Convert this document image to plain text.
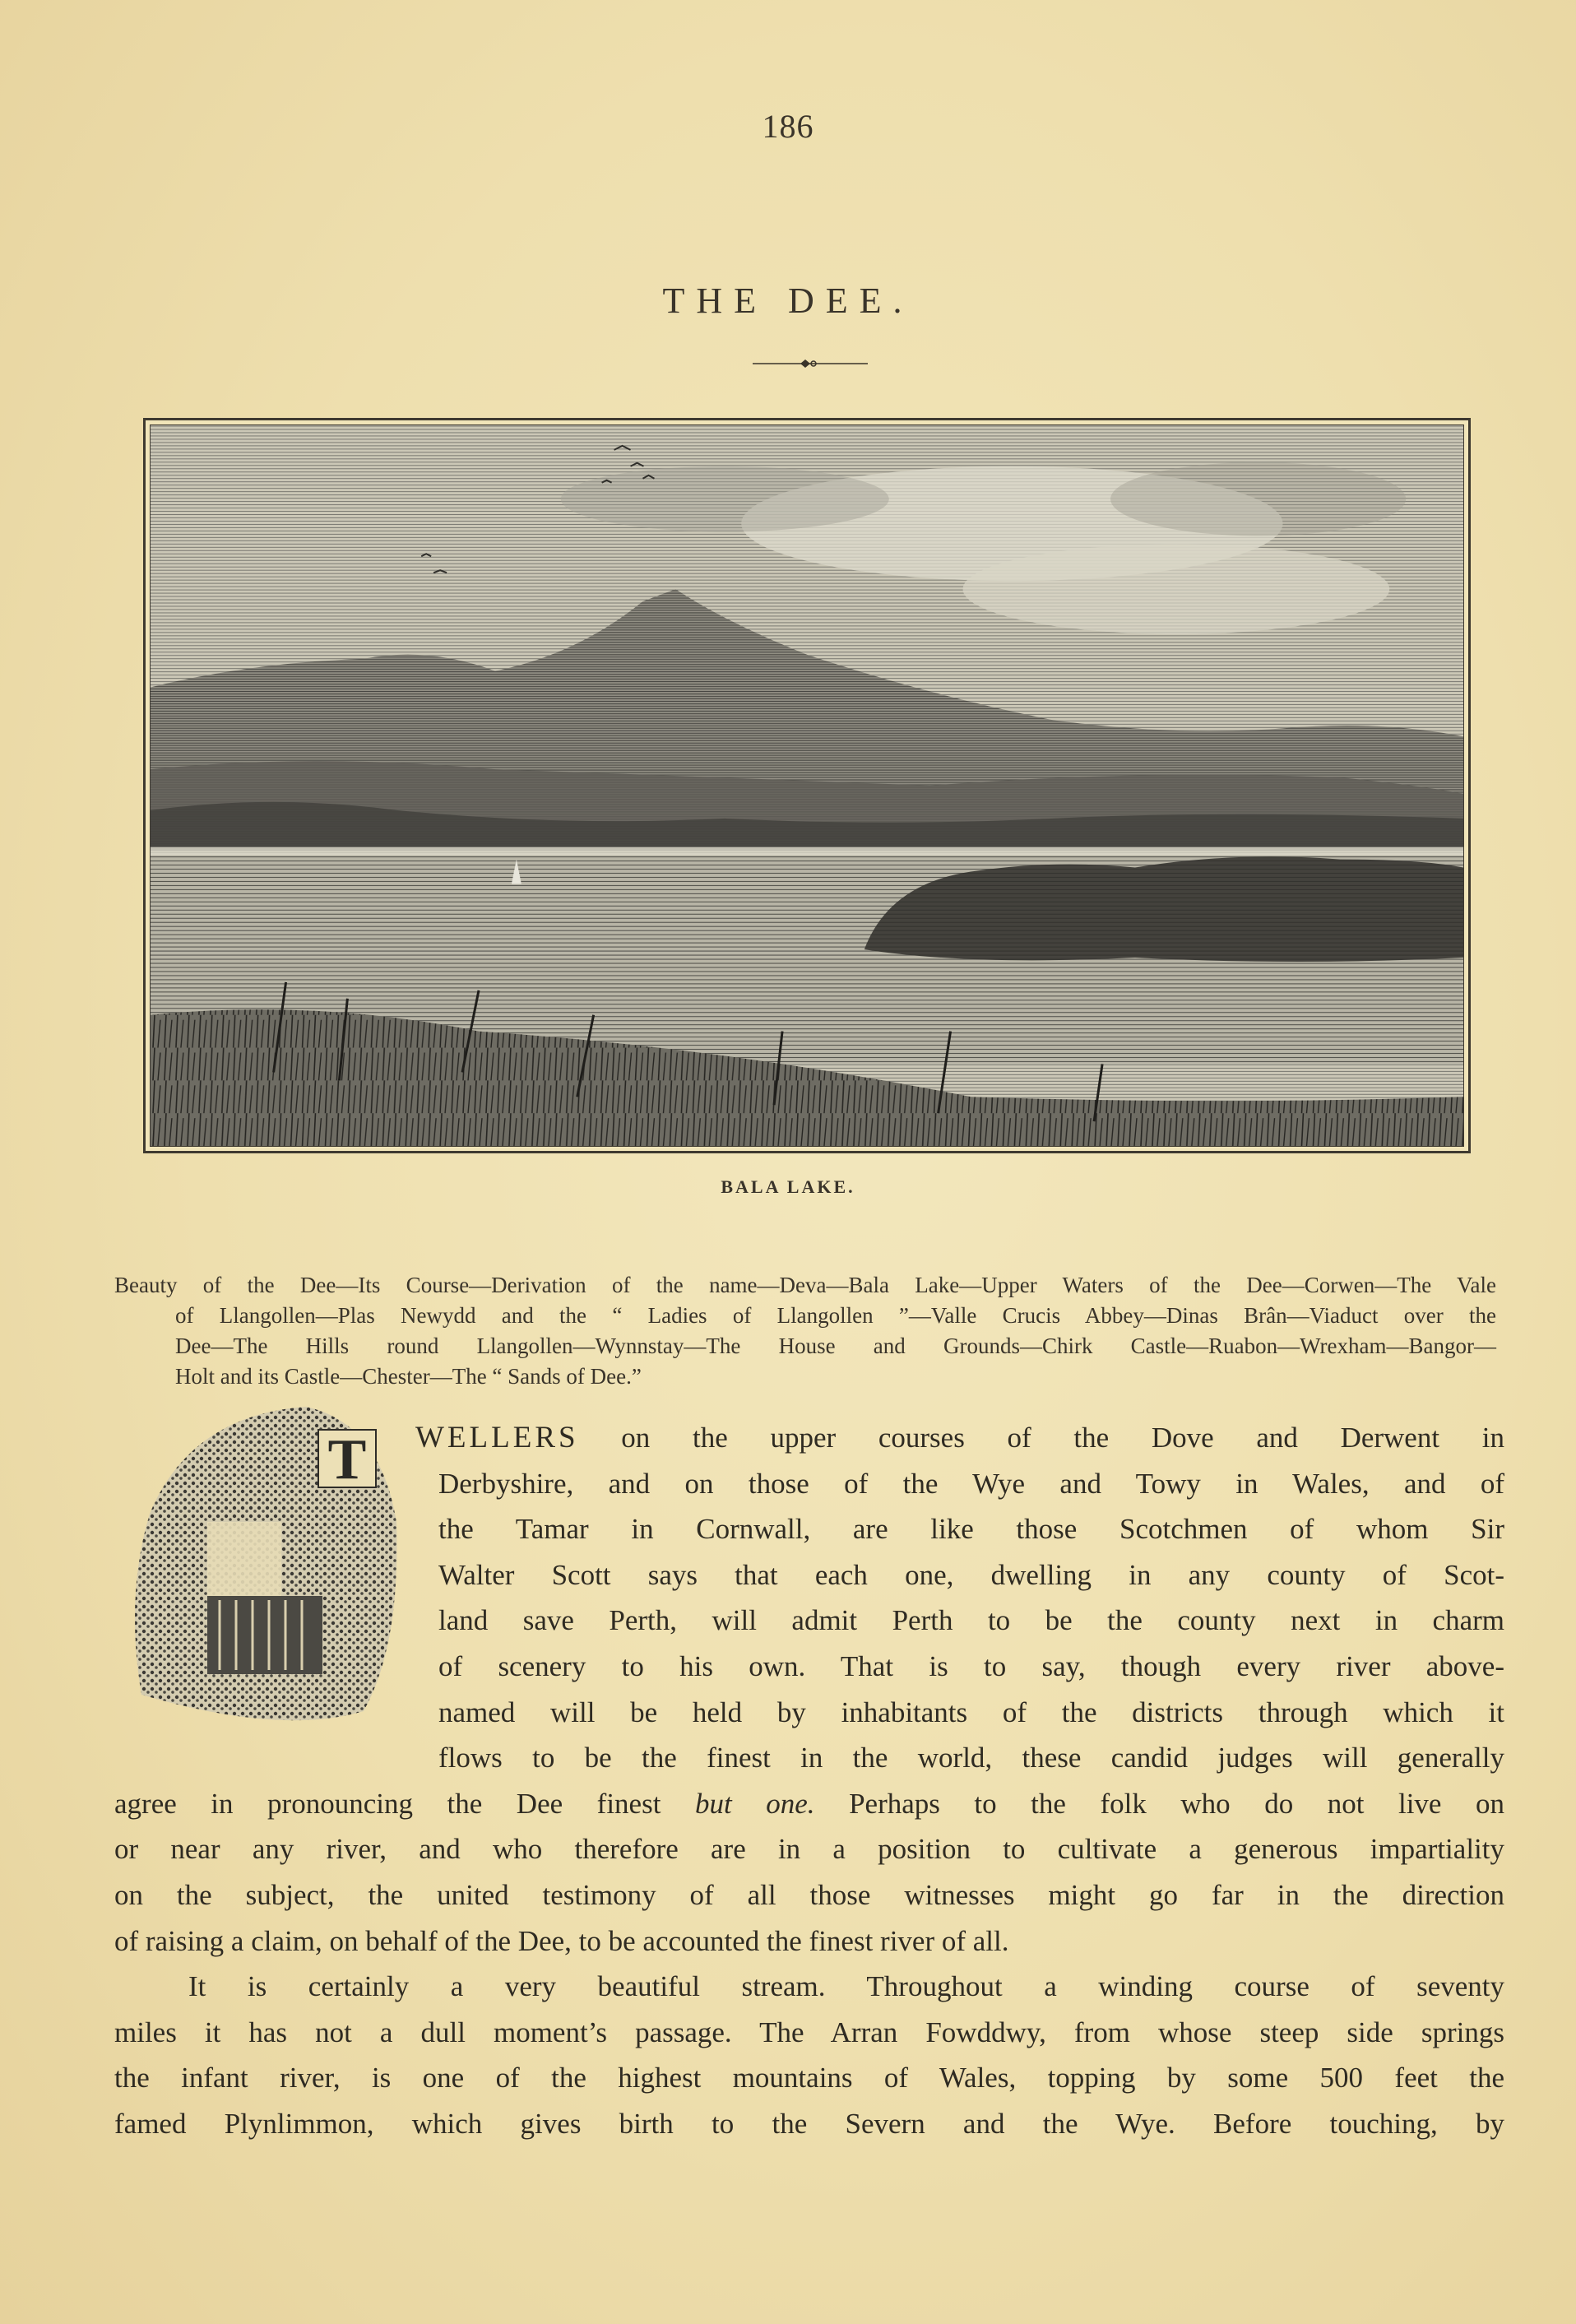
186
THE DEE.
BALA LAKE.
Beauty of the Dee—Its Course—Derivation of the name—Deva—Bala Lake—Upper Waters of the Dee—Corwen—The Vale
of Llangollen—Plas Newydd and the “ Ladies of Llangollen ”—Valle Crucis Abbey—Dinas Brân—Viaduct over the
Dee—The Hills round Llangollen—Wynnstay—The House and Grounds—Chirk Castle—Ruabon—Wrexham—Bangor—
Holt and its Castle—Chester—The “ Sands of Dee.”
T	WELLERS on the upper courses of the Dove and Derwent in
Derbyshire, and on those of the Wye and Towy in Wales, and of
the Tamar in Cornwall, are like those Scotchmen of whom Sir
Walter Scott says that each one, dwelling in any county of Scot-
land save Perth, will admit Perth to be the county next in charm
of scenery to his own. That is to say, though every river above-
named will be held by inhabitants of the districts through which it
flows to be the finest in the world, these candid judges will generally
agree in pronouncing the Dee finest but one. Perhaps to the folk who do not live on
or near any river, and who therefore are in a position to cultivate a generous impartiality
on the subject, the united testimony of all those witnesses might go far in the direction
of raising a claim, on behalf of the Dee, to be accounted the finest river of all.
It is certainly a very beautiful stream. Throughout a winding course of seventy
miles it has not a dull moment’s passage. The Arran Fowddwy, from whose steep side springs
the infant river, is one of the highest mountains of Wales, topping by some 500 feet the
famed Plynlimmon, which gives birth to the Severn and the Wye. Before touching, by
